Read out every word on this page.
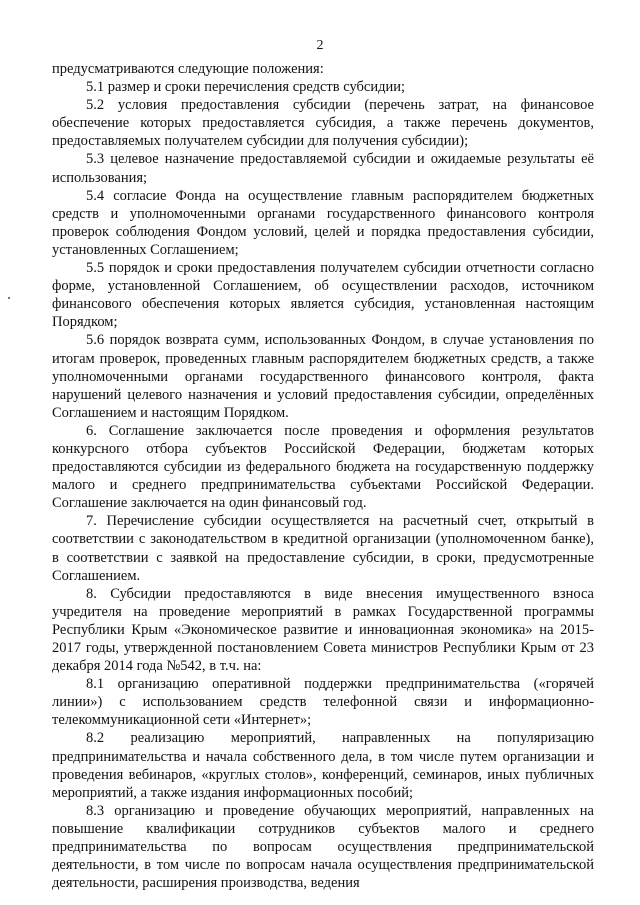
2

предусматриваются следующие положения:

5.1 размер и сроки перечисления средств субсидии;

5.2 условия предоставления субсидии (перечень затрат, на финансовое обеспечение которых предоставляется субсидия, а также перечень документов, предоставляемых получателем субсидии для получения субсидии);

5.3 целевое назначение предоставляемой субсидии и ожидаемые результаты её использования;

5.4 согласие Фонда на осуществление главным распорядителем бюджетных средств и уполномоченными органами государственного финансового контроля проверок соблюдения Фондом условий, целей и порядка предоставления субсидии, установленных Соглашением;

5.5 порядок и сроки предоставления получателем субсидии отчетности согласно форме, установленной Соглашением, об осуществлении расходов, источником финансового обеспечения которых является субсидия, установленная настоящим Порядком;

5.6 порядок возврата сумм, использованных Фондом, в случае установления по итогам проверок, проведенных главным распорядителем бюджетных средств, а также уполномоченными органами государственного финансового контроля, факта нарушений целевого назначения и условий предоставления субсидии, определённых Соглашением и настоящим Порядком.

6. Соглашение заключается после проведения и оформления результатов конкурсного отбора субъектов Российской Федерации, бюджетам которых предоставляются субсидии из федерального бюджета на государственную поддержку малого и среднего предпринимательства субъектами Российской Федерации. Соглашение заключается на один финансовый год.

7. Перечисление субсидии осуществляется на расчетный счет, открытый в соответствии с законодательством в кредитной организации (уполномоченном банке), в соответствии с заявкой на предоставление субсидии, в сроки, предусмотренные Соглашением.

8. Субсидии предоставляются в виде внесения имущественного взноса учредителя на проведение мероприятий в рамках Государственной программы Республики Крым «Экономическое развитие и инновационная экономика» на 2015-2017 годы, утвержденной постановлением Совета министров Республики Крым от 23 декабря 2014 года №542, в т.ч. на:

8.1 организацию оперативной поддержки предпринимательства («горячей линии») с использованием средств телефонной связи и информационно-телекоммуникационной сети «Интернет»;

8.2 реализацию мероприятий, направленных на популяризацию предпринимательства и начала собственного дела, в том числе путем организации и проведения вебинаров, «круглых столов», конференций, семинаров, иных публичных мероприятий, а также издания информационных пособий;

8.3 организацию и проведение обучающих мероприятий, направленных на повышение квалификации сотрудников субъектов малого и среднего предпринимательства по вопросам осуществления предпринимательской деятельности, в том числе по вопросам начала осуществления предпринимательской деятельности, расширения производства, ведения
